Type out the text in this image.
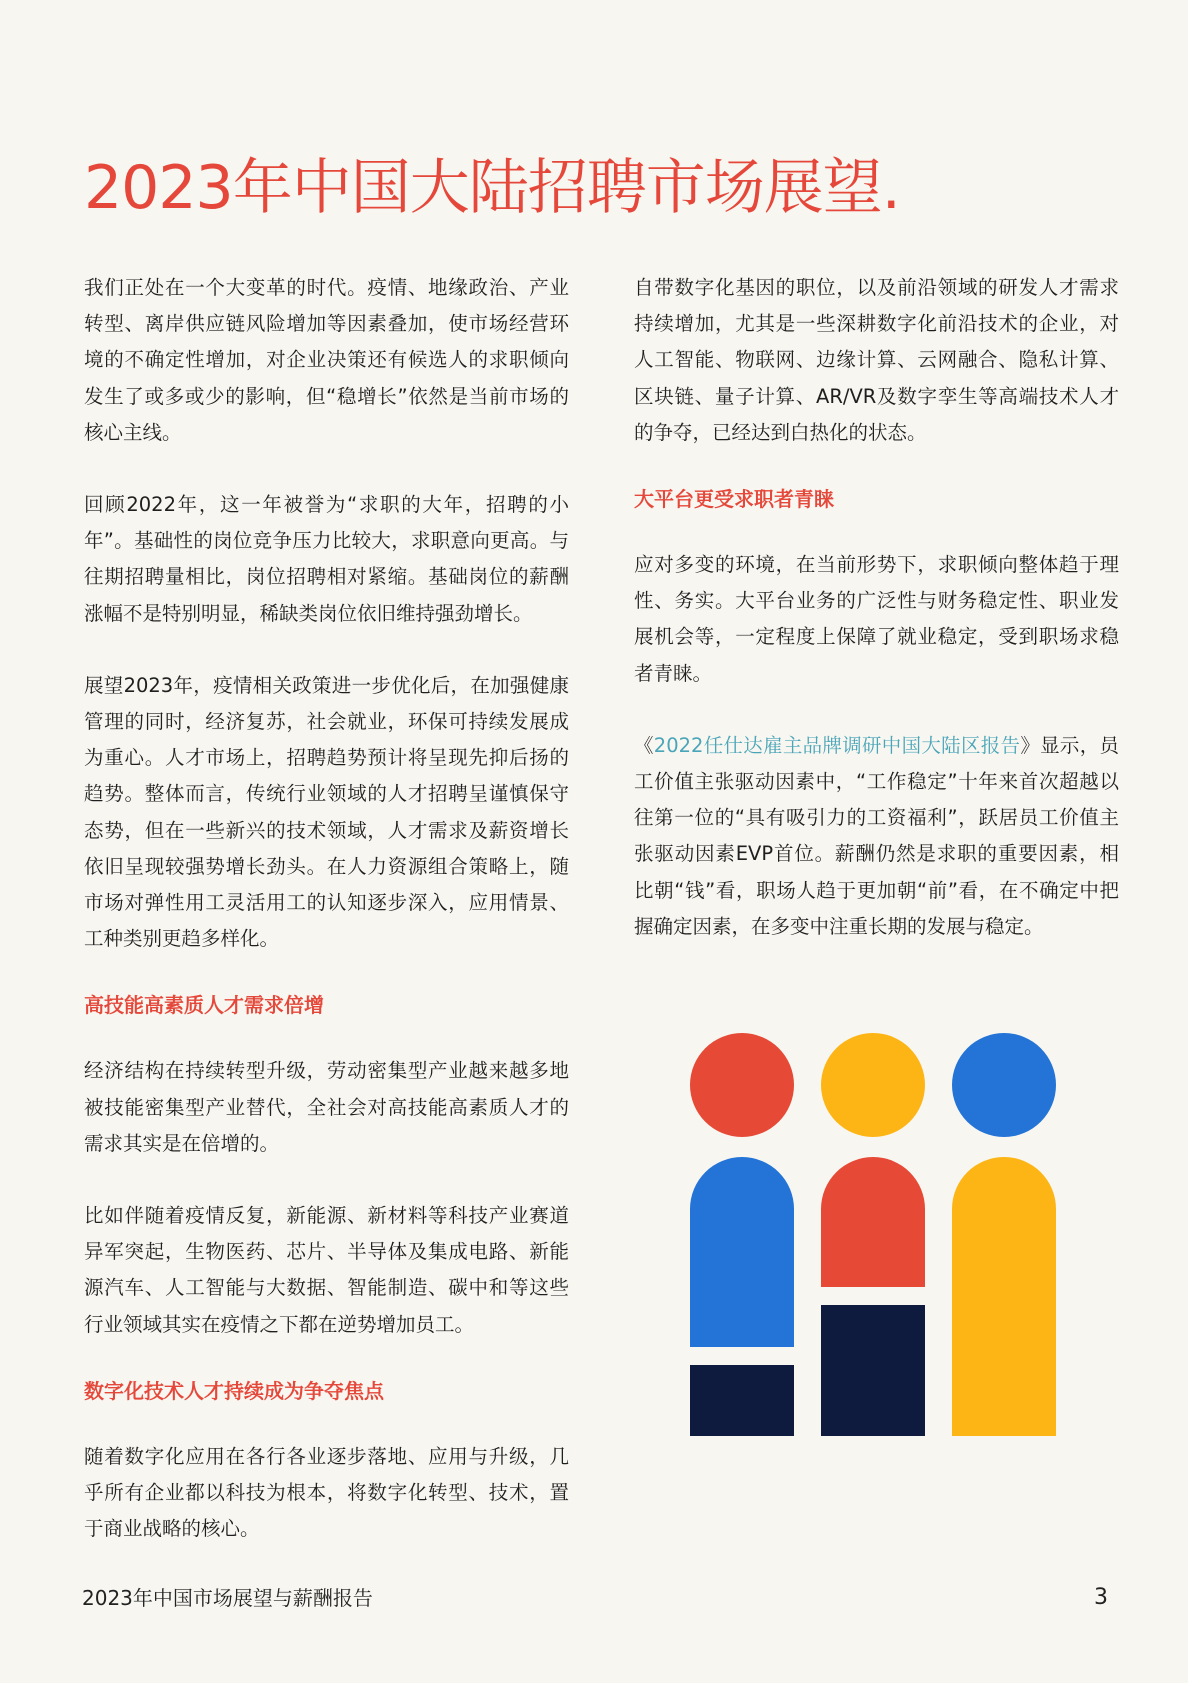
2023年中国大陆招聘市场展望.

我们正处在一个大变革的时代。疫情、地缘政治、产业转型、离岸供应链风险增加等因素叠加，使市场经营环境的不确定性增加，对企业决策还有候选人的求职倾向发生了或多或少的影响，但“稳增长”依然是当前市场的核心主线。

回顾2022年，这一年被誉为“求职的大年，招聘的小年”。基础性的岗位竞争压力比较大，求职意向更高。与往期招聘量相比，岗位招聘相对紧缩。基础岗位的薪酬涨幅不是特别明显，稀缺类岗位依旧维持强劲增长。

展望2023年，疫情相关政策进一步优化后，在加强健康管理的同时，经济复苏，社会就业，环保可持续发展成为重心。人才市场上，招聘趋势预计将呈现先抑后扬的趋势。整体而言，传统行业领域的人才招聘呈谨慎保守态势，但在一些新兴的技术领域，人才需求及薪资增长依旧呈现较强势增长劲头。在人力资源组合策略上，随市场对弹性用工灵活用工的认知逐步深入，应用情景、工种类别更趋多样化。

高技能高素质人才需求倍增

经济结构在持续转型升级，劳动密集型产业越来越多地被技能密集型产业替代，全社会对高技能高素质人才的需求其实是在倍增的。

比如伴随着疫情反复，新能源、新材料等科技产业赛道异军突起，生物医药、芯片、半导体及集成电路、新能源汽车、人工智能与大数据、智能制造、碳中和等这些行业领域其实在疫情之下都在逆势增加员工。

数字化技术人才持续成为争夺焦点

随着数字化应用在各行各业逐步落地、应用与升级，几乎所有企业都以科技为根本，将数字化转型、技术，置于商业战略的核心。

自带数字化基因的职位，以及前沿领域的研发人才需求持续增加，尤其是一些深耕数字化前沿技术的企业，对人工智能、物联网、边缘计算、云网融合、隐私计算、区块链、量子计算、AR/VR及数字孪生等高端技术人才的争夺，已经达到白热化的状态。

大平台更受求职者青睐

应对多变的环境，在当前形势下，求职倾向整体趋于理性、务实。大平台业务的广泛性与财务稳定性、职业发展机会等，一定程度上保障了就业稳定，受到职场求稳者青睐。

《2022任仕达雇主品牌调研中国大陆区报告》显示，员工价值主张驱动因素中，“工作稳定”十年来首次超越以往第一位的“具有吸引力的工资福利”，跃居员工价值主张驱动因素EVP首位。薪酬仍然是求职的重要因素，相比朝“钱”看，职场人趋于更加朝“前”看，在不确定中把握确定因素，在多变中注重长期的发展与稳定。

2023年中国市场展望与薪酬报告	3
